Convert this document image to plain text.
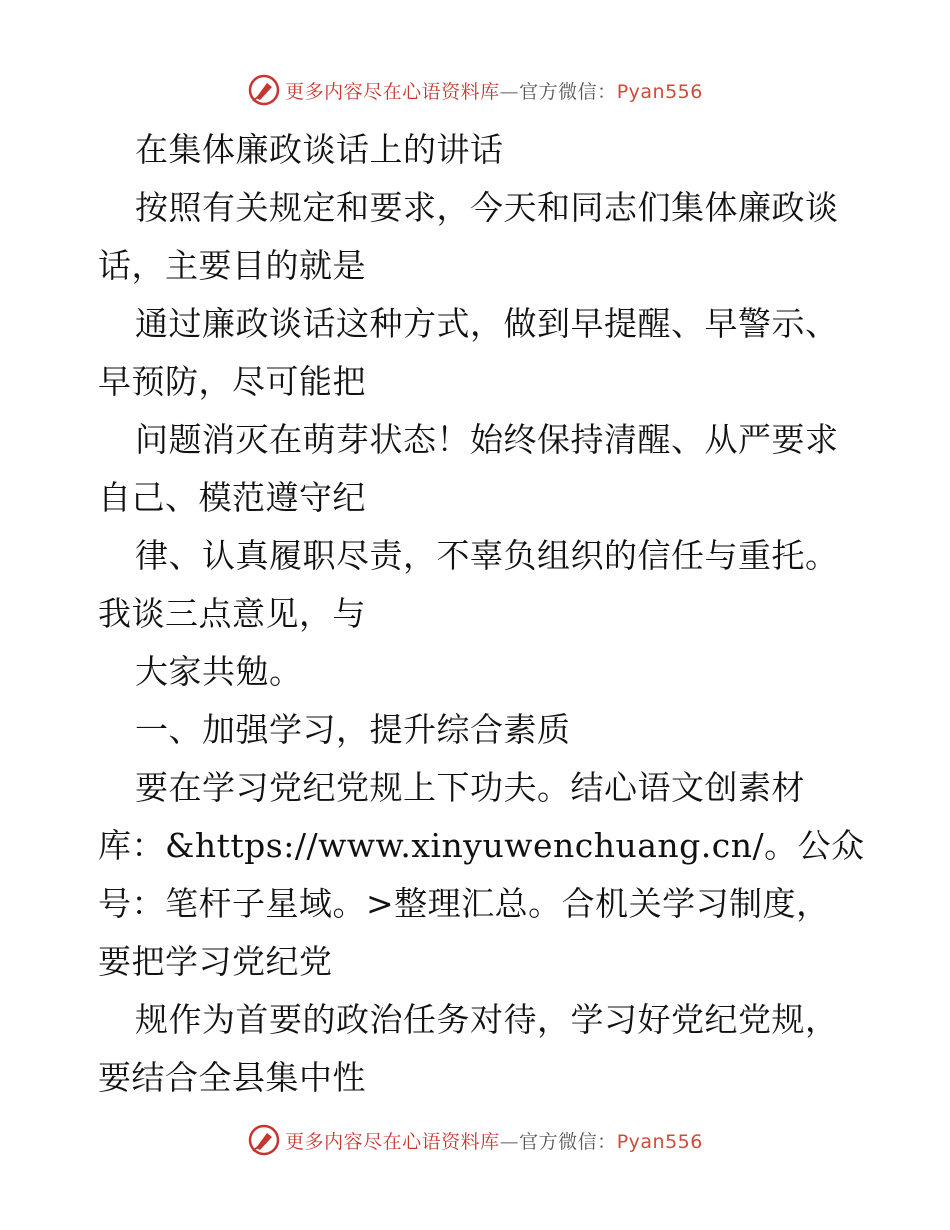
更多内容尽在心语资料库—官方微信：Pyan556

在集体廉政谈话上的讲话

按照有关规定和要求，今天和同志们集体廉政谈

话，主要目的就是

通过廉政谈话这种方式，做到早提醒、早警示、

早预防，尽可能把

问题消灭在萌芽状态！始终保持清醒、从严要求

自己、模范遵守纪

律、认真履职尽责，不辜负组织的信任与重托。

我谈三点意见，与

大家共勉。

一、加强学习，提升综合素质

要在学习党纪党规上下功夫。结心语文创素材

库：&https://www.xinyuwenchuang.cn/。公众

号：笔杆子星域。>整理汇总。合机关学习制度，

要把学习党纪党

规作为首要的政治任务对待，学习好党纪党规，

要结合全县集中性

更多内容尽在心语资料库—官方微信：Pyan556
